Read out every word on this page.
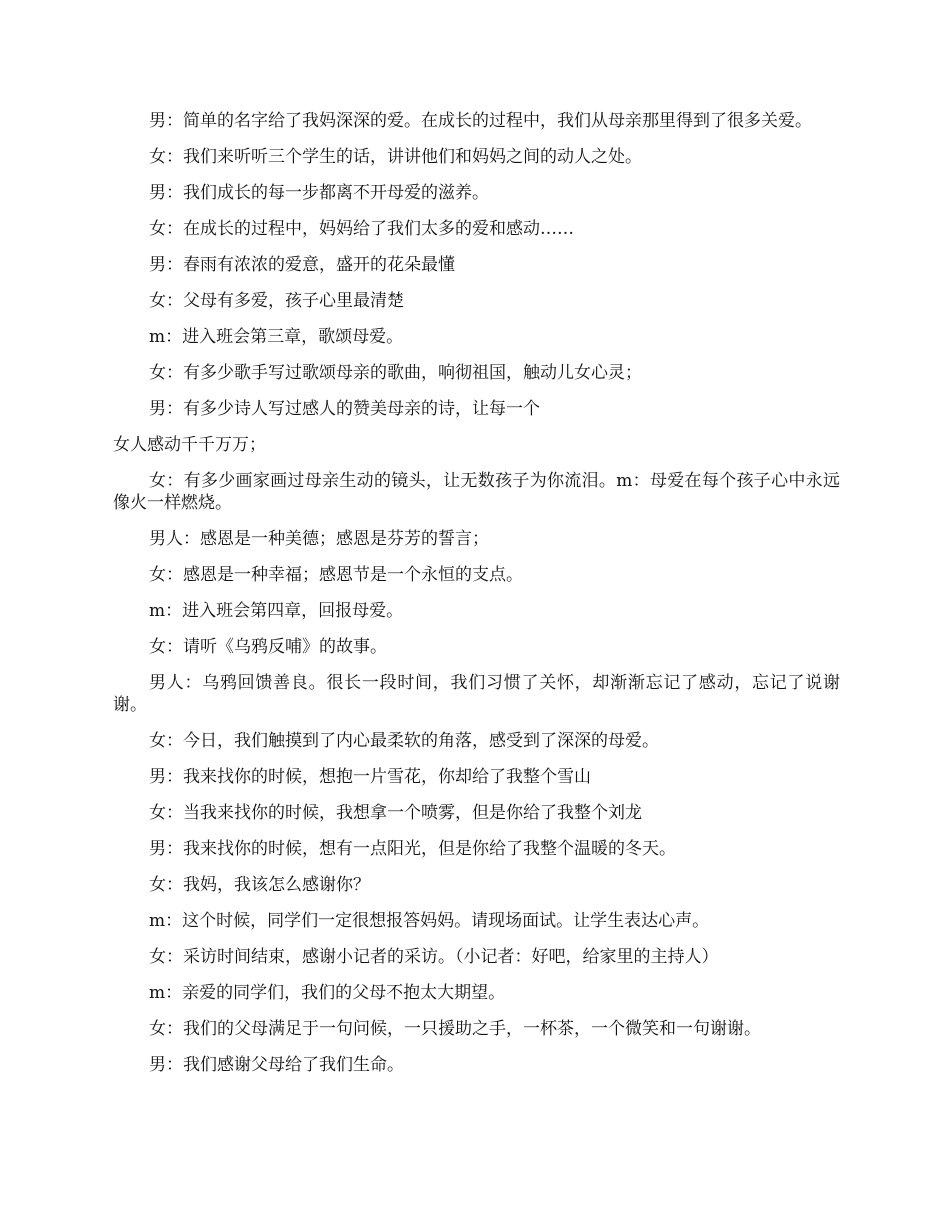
男：简单的名字给了我妈深深的爱。在成长的过程中，我们从母亲那里得到了很多关爱。

女：我们来听听三个学生的话，讲讲他们和妈妈之间的动人之处。

男：我们成长的每一步都离不开母爱的滋养。

女：在成长的过程中，妈妈给了我们太多的爱和感动……

男：春雨有浓浓的爱意，盛开的花朵最懂

女：父母有多爱，孩子心里最清楚

m：进入班会第三章，歌颂母爱。

女：有多少歌手写过歌颂母亲的歌曲，响彻祖国，触动儿女心灵；

男：有多少诗人写过感人的赞美母亲的诗，让每一个

女人感动千千万万；

女：有多少画家画过母亲生动的镜头，让无数孩子为你流泪。m：母爱在每个孩子心中永远像火一样燃烧。

男人：感恩是一种美德；感恩是芬芳的誓言；

女：感恩是一种幸福；感恩节是一个永恒的支点。

m：进入班会第四章，回报母爱。

女：请听《乌鸦反哺》的故事。

男人：乌鸦回馈善良。很长一段时间，我们习惯了关怀，却渐渐忘记了感动，忘记了说谢谢。

女：今日，我们触摸到了内心最柔软的角落，感受到了深深的母爱。

男：我来找你的时候，想抱一片雪花，你却给了我整个雪山

女：当我来找你的时候，我想拿一个喷雾，但是你给了我整个刘龙

男：我来找你的时候，想有一点阳光，但是你给了我整个温暖的冬天。

女：我妈，我该怎么感谢你？

m：这个时候，同学们一定很想报答妈妈。请现场面试。让学生表达心声。

女：采访时间结束，感谢小记者的采访。（小记者：好吧，给家里的主持人）

m：亲爱的同学们，我们的父母不抱太大期望。

女：我们的父母满足于一句问候，一只援助之手，一杯茶，一个微笑和一句谢谢。

男：我们感谢父母给了我们生命。
